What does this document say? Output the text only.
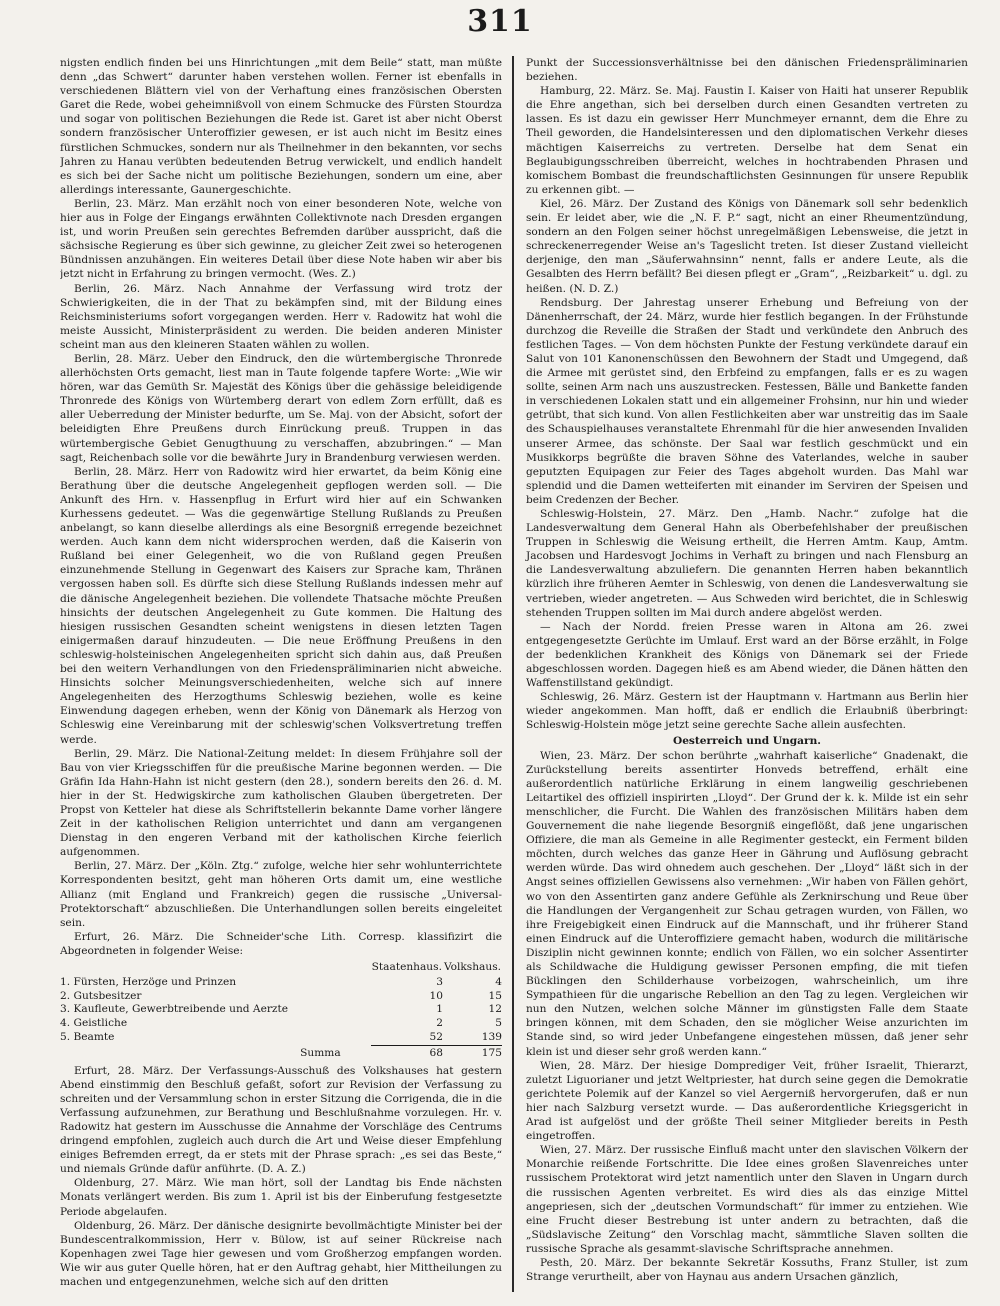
311

nigsten endlich finden bei uns Hinrichtungen „mit dem Beile“ statt, man müßte denn „das Schwert“ darunter haben verstehen wollen. Ferner ist ebenfalls in verschiedenen Blättern viel von der Verhaftung eines französischen Obersten Garet die Rede, wobei geheimnißvoll von einem Schmucke des Fürsten Stourdza und sogar von politischen Beziehungen die Rede ist. Garet ist aber nicht Oberst sondern französischer Unteroffizier gewesen, er ist auch nicht im Besitz eines fürstlichen Schmuckes, sondern nur als Theilnehmer in den bekannten, vor sechs Jahren zu Hanau verübten bedeutenden Betrug verwickelt, und endlich handelt es sich bei der Sache nicht um politische Beziehungen, sondern um eine, aber allerdings interessante, Gaunergeschichte.

Berlin, 23. März. Man erzählt noch von einer besonderen Note, welche von hier aus in Folge der Eingangs erwähnten Collektivnote nach Dresden ergangen ist, und worin Preußen sein gerechtes Befremden darüber ausspricht, daß die sächsische Regierung es über sich gewinne, zu gleicher Zeit zwei so heterogenen Bündnissen anzuhängen. Ein weiteres Detail über diese Note haben wir aber bis jetzt nicht in Erfahrung zu bringen vermocht. (Wes. Z.)

Berlin, 26. März. Nach Annahme der Verfassung wird trotz der Schwierigkeiten, die in der That zu bekämpfen sind, mit der Bildung eines Reichsministeriums sofort vorgegangen werden. Herr v. Radowitz hat wohl die meiste Aussicht, Ministerpräsident zu werden. Die beiden anderen Minister scheint man aus den kleineren Staaten wählen zu wollen.

Berlin, 28. März. Ueber den Eindruck, den die würtembergische Thronrede allerhöchsten Orts gemacht, liest man in Taute folgende tapfere Worte: „Wie wir hören, war das Gemüth Sr. Majestät des Königs über die gehässige beleidigende Thronrede des Königs von Würtemberg derart von edlem Zorn erfüllt, daß es aller Ueberredung der Minister bedurfte, um Se. Maj. von der Absicht, sofort der beleidigten Ehre Preußens durch Einrückung preuß. Truppen in das würtembergische Gebiet Genugthuung zu verschaffen, abzubringen.“ — Man sagt, Reichenbach solle vor die bewährte Jury in Brandenburg verwiesen werden.

Berlin, 28. März. Herr von Radowitz wird hier erwartet, da beim König eine Berathung über die deutsche Angelegenheit gepflogen werden soll. — Die Ankunft des Hrn. v. Hassenpflug in Erfurt wird hier auf ein Schwanken Kurhessens gedeutet. — Was die gegenwärtige Stellung Rußlands zu Preußen anbelangt, so kann dieselbe allerdings als eine Besorgniß erregende bezeichnet werden. Auch kann dem nicht widersprochen werden, daß die Kaiserin von Rußland bei einer Gelegenheit, wo die von Rußland gegen Preußen einzunehmende Stellung in Gegenwart des Kaisers zur Sprache kam, Thränen vergossen haben soll. Es dürfte sich diese Stellung Rußlands indessen mehr auf die dänische Angelegenheit beziehen. Die vollendete Thatsache möchte Preußen hinsichts der deutschen Angelegenheit zu Gute kommen. Die Haltung des hiesigen russischen Gesandten scheint wenigstens in diesen letzten Tagen einigermaßen darauf hinzudeuten. — Die neue Eröffnung Preußens in den schleswig-holsteinischen Angelegenheiten spricht sich dahin aus, daß Preußen bei den weitern Verhandlungen von den Friedenspräliminarien nicht abweiche. Hinsichts solcher Meinungsverschiedenheiten, welche sich auf innere Angelegenheiten des Herzogthums Schleswig beziehen, wolle es keine Einwendung dagegen erheben, wenn der König von Dänemark als Herzog von Schleswig eine Vereinbarung mit der schleswig'schen Volksvertretung treffen werde.

Berlin, 29. März. Die National-Zeitung meldet: In diesem Frühjahre soll der Bau von vier Kriegsschiffen für die preußische Marine begonnen werden. — Die Gräfin Ida Hahn-Hahn ist nicht gestern (den 28.), sondern bereits den 26. d. M. hier in der St. Hedwigskirche zum katholischen Glauben übergetreten. Der Propst von Ketteler hat diese als Schriftstellerin bekannte Dame vorher längere Zeit in der katholischen Religion unterrichtet und dann am vergangenen Dienstag in den engeren Verband mit der katholischen Kirche feierlich aufgenommen.

Berlin, 27. März. Der „Köln. Ztg.“ zufolge, welche hier sehr wohlunterrichtete Korrespondenten besitzt, geht man höheren Orts damit um, eine westliche Allianz (mit England und Frankreich) gegen die russische „Universal-Protektorschaft“ abzuschließen. Die Unterhandlungen sollen bereits eingeleitet sein.

Erfurt, 26. März. Die Schneider'sche Lith. Corresp. klassifizirt die Abgeordneten in folgender Weise:

	Staatenhaus.	Volkshaus.
1. Fürsten, Herzöge und Prinzen	3	4
2. Gutsbesitzer	10	15
3. Kaufleute, Gewerbtreibende und Aerzte	1	12
4. Geistliche	2	5
5. Beamte	52	139
Summa	68	175

Erfurt, 28. März. Der Verfassungs-Ausschuß des Volkshauses hat gestern Abend einstimmig den Beschluß gefaßt, sofort zur Revision der Verfassung zu schreiten und der Versammlung schon in erster Sitzung die Corrigenda, die in die Verfassung aufzunehmen, zur Berathung und Beschlußnahme vorzulegen. Hr. v. Radowitz hat gestern im Ausschusse die Annahme der Vorschläge des Centrums dringend empfohlen, zugleich auch durch die Art und Weise dieser Empfehlung einiges Befremden erregt, da er stets mit der Phrase sprach: „es sei das Beste,“ und niemals Gründe dafür anführte. (D. A. Z.)

Oldenburg, 27. März. Wie man hört, soll der Landtag bis Ende nächsten Monats verlängert werden. Bis zum 1. April ist bis der Einberufung festgesetzte Periode abgelaufen.

Oldenburg, 26. März. Der dänische designirte bevollmächtigte Minister bei der Bundescentralkommission, Herr v. Bülow, ist auf seiner Rückreise nach Kopenhagen zwei Tage hier gewesen und vom Großherzog empfangen worden. Wie wir aus guter Quelle hören, hat er den Auftrag gehabt, hier Mittheilungen zu machen und entgegenzunehmen, welche sich auf den dritten

Punkt der Successionsverhältnisse bei den dänischen Friedenspräliminarien beziehen.

Hamburg, 22. März. Se. Maj. Faustin I. Kaiser von Haiti hat unserer Republik die Ehre angethan, sich bei derselben durch einen Gesandten vertreten zu lassen. Es ist dazu ein gewisser Herr Munchmeyer ernannt, dem die Ehre zu Theil geworden, die Handelsinteressen und den diplomatischen Verkehr dieses mächtigen Kaiserreichs zu vertreten. Derselbe hat dem Senat ein Beglaubigungsschreiben überreicht, welches in hochtrabenden Phrasen und komischem Bombast die freundschaftlichsten Gesinnungen für unsere Republik zu erkennen gibt. —

Kiel, 26. März. Der Zustand des Königs von Dänemark soll sehr bedenklich sein. Er leidet aber, wie die „N. F. P.“ sagt, nicht an einer Rheumentzündung, sondern an den Folgen seiner höchst unregelmäßigen Lebensweise, die jetzt in schreckenerregender Weise an's Tageslicht treten. Ist dieser Zustand vielleicht derjenige, den man „Säuferwahnsinn“ nennt, falls er andere Leute, als die Gesalbten des Herrn befällt? Bei diesen pflegt er „Gram“, „Reizbarkeit“ u. dgl. zu heißen. (N. D. Z.)

Rendsburg. Der Jahrestag unserer Erhebung und Befreiung von der Dänenherrschaft, der 24. März, wurde hier festlich begangen. In der Frühstunde durchzog die Reveille die Straßen der Stadt und verkündete den Anbruch des festlichen Tages. — Von dem höchsten Punkte der Festung verkündete darauf ein Salut von 101 Kanonenschüssen den Bewohnern der Stadt und Umgegend, daß die Armee mit gerüstet sind, den Erbfeind zu empfangen, falls er es zu wagen sollte, seinen Arm nach uns auszustrecken. Festessen, Bälle und Bankette fanden in verschiedenen Lokalen statt und ein allgemeiner Frohsinn, nur hin und wieder getrübt, that sich kund. Von allen Festlichkeiten aber war unstreitig das im Saale des Schauspielhauses veranstaltete Ehrenmahl für die hier anwesenden Invaliden unserer Armee, das schönste. Der Saal war festlich geschmückt und ein Musikkorps begrüßte die braven Söhne des Vaterlandes, welche in sauber geputzten Equipagen zur Feier des Tages abgeholt wurden. Das Mahl war splendid und die Damen wetteiferten mit einander im Serviren der Speisen und beim Credenzen der Becher.

Schleswig-Holstein, 27. März. Den „Hamb. Nachr.“ zufolge hat die Landesverwaltung dem General Hahn als Oberbefehlshaber der preußischen Truppen in Schleswig die Weisung ertheilt, die Herren Amtm. Kaup, Amtm. Jacobsen und Hardesvogt Jochims in Verhaft zu bringen und nach Flensburg an die Landesverwaltung abzuliefern. Die genannten Herren haben bekanntlich kürzlich ihre früheren Aemter in Schleswig, von denen die Landesverwaltung sie vertrieben, wieder angetreten. — Aus Schweden wird berichtet, die in Schleswig stehenden Truppen sollten im Mai durch andere abgelöst werden.

— Nach der Nordd. freien Presse waren in Altona am 26. zwei entgegengesetzte Gerüchte im Umlauf. Erst ward an der Börse erzählt, in Folge der bedenklichen Krankheit des Königs von Dänemark sei der Friede abgeschlossen worden. Dagegen hieß es am Abend wieder, die Dänen hätten den Waffenstillstand gekündigt.

Schleswig, 26. März. Gestern ist der Hauptmann v. Hartmann aus Berlin hier wieder angekommen. Man hofft, daß er endlich die Erlaubniß überbringt: Schleswig-Holstein möge jetzt seine gerechte Sache allein ausfechten.

Oesterreich und Ungarn.

Wien, 23. März. Der schon berührte „wahrhaft kaiserliche“ Gnadenakt, die Zurückstellung bereits assentirter Honveds betreffend, erhält eine außerordentlich natürliche Erklärung in einem langweilig geschriebenen Leitartikel des offiziell inspirirten „Lloyd“. Der Grund der k. k. Milde ist ein sehr menschlicher, die Furcht. Die Wahlen des französischen Militärs haben dem Gouvernement die nahe liegende Besorgniß eingeflößt, daß jene ungarischen Offiziere, die man als Gemeine in alle Regimenter gesteckt, ein Ferment bilden möchten, durch welches das ganze Heer in Gährung und Auflösung gebracht werden würde. Das wird ohnedem auch geschehen. Der „Lloyd“ läßt sich in der Angst seines offiziellen Gewissens also vernehmen: „Wir haben von Fällen gehört, wo von den Assentirten ganz andere Gefühle als Zerknirschung und Reue über die Handlungen der Vergangenheit zur Schau getragen wurden, von Fällen, wo ihre Freigebigkeit einen Eindruck auf die Mannschaft, und ihr früherer Stand einen Eindruck auf die Unteroffiziere gemacht haben, wodurch die militärische Disziplin nicht gewinnen konnte; endlich von Fällen, wo ein solcher Assentirter als Schildwache die Huldigung gewisser Personen empfing, die mit tiefen Bücklingen den Schilderhause vorbeizogen, wahrscheinlich, um ihre Sympathieen für die ungarische Rebellion an den Tag zu legen. Vergleichen wir nun den Nutzen, welchen solche Männer im günstigsten Falle dem Staate bringen können, mit dem Schaden, den sie möglicher Weise anzurichten im Stande sind, so wird jeder Unbefangene eingestehen müssen, daß jener sehr klein ist und dieser sehr groß werden kann.“

Wien, 28. März. Der hiesige Domprediger Veit, früher Israelit, Thierarzt, zuletzt Liguorianer und jetzt Weltpriester, hat durch seine gegen die Demokratie gerichtete Polemik auf der Kanzel so viel Aergerniß hervorgerufen, daß er nun hier nach Salzburg versetzt wurde. — Das außerordentliche Kriegsgericht in Arad ist aufgelöst und der größte Theil seiner Mitglieder bereits in Pesth eingetroffen.

Wien, 27. März. Der russische Einfluß macht unter den slavischen Völkern der Monarchie reißende Fortschritte. Die Idee eines großen Slavenreiches unter russischem Protektorat wird jetzt namentlich unter den Slaven in Ungarn durch die russischen Agenten verbreitet. Es wird dies als das einzige Mittel angepriesen, sich der „deutschen Vormundschaft“ für immer zu entziehen. Wie eine Frucht dieser Bestrebung ist unter andern zu betrachten, daß die „Südslavische Zeitung“ den Vorschlag macht, sämmtliche Slaven sollten die russische Sprache als gesammt-slavische Schriftsprache annehmen.

Pesth, 20. März. Der bekannte Sekretär Kossuths, Franz Stuller, ist zum Strange verurtheilt, aber von Haynau aus andern Ursachen gänzlich,
